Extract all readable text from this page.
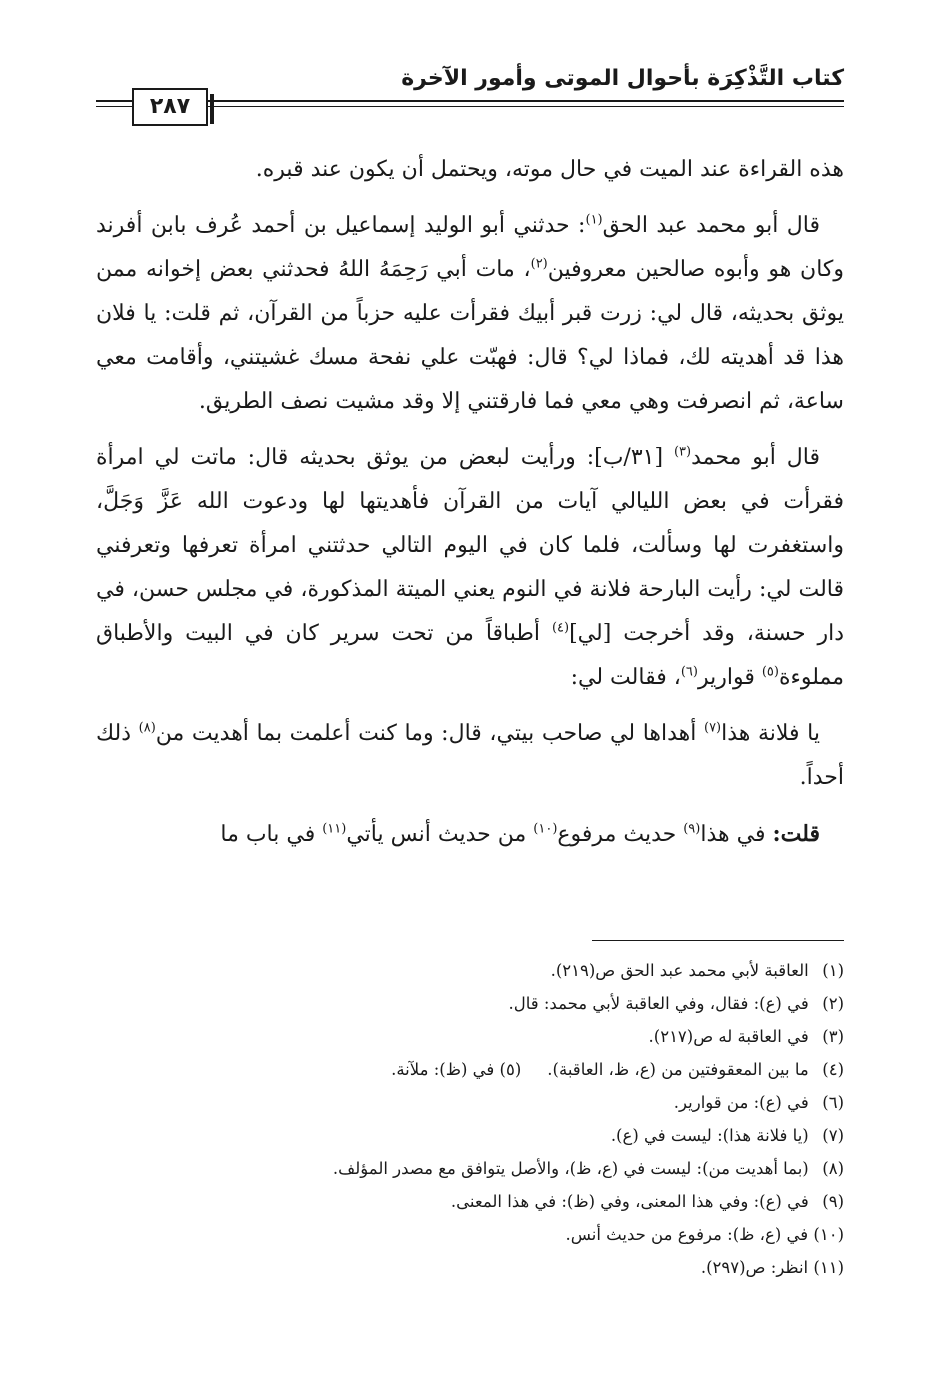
كتاب التَّذْكِرَة بأحوال الموتى وأمور الآخرة
٢٨٧

هذه القراءة عند الميت في حال موته، ويحتمل أن يكون عند قبره.

قال أبو محمد عبد الحق$^{(١)}$: حدثني أبو الوليد إسماعيل بن أحمد عُرف بابن أفرند وكان هو وأبوه صالحين معروفين$^{(٢)}$، مات أبي رَحِمَهُ اللهُ فحدثني بعض إخوانه ممن يوثق بحديثه، قال لي: زرت قبر أبيك فقرأت عليه حزباً من القرآن، ثم قلت: يا فلان هذا قد أهديته لك، فماذا لي؟ قال: فهبّت علي نفحة مسك غشيتني، وأقامت معي ساعة، ثم انصرفت وهي معي فما فارقتني إلا وقد مشيت نصف الطريق.

قال أبو محمد$^{(٣)}$ [٣١/ب]: ورأيت لبعض من يوثق بحديثه قال: ماتت لي امرأة فقرأت في بعض الليالي آيات من القرآن فأهديتها لها ودعوت الله عَزَّ وَجَلَّ، واستغفرت لها وسألت، فلما كان في اليوم التالي حدثتني امرأة تعرفها وتعرفني قالت لي: رأيت البارحة فلانة في النوم يعني الميتة المذكورة، في مجلس حسن، في دار حسنة، وقد أخرجت [لي]$^{(٤)}$ أطباقاً من تحت سرير كان في البيت والأطباق مملوءة$^{(٥)}$ قوارير$^{(٦)}$، فقالت لي:

يا فلانة هذا$^{(٧)}$ أهداها لي صاحب بيتي، قال: وما كنت أعلمت بما أهديت من$^{(٨)}$ ذلك أحداً.

قلت: في هذا$^{(٩)}$ حديث مرفوع$^{(١٠)}$ من حديث أنس يأتي$^{(١١)}$ في باب ما

(١) العاقبة لأبي محمد عبد الحق ص(٢١٩).

(٢) في (ع): فقال، وفي العاقبة لأبي محمد: قال.

(٣) في العاقبة له ص(٢١٧).

(٤) ما بين المعقوفتين من (ع، ظ، العاقبة).(٥) في (ظ): ملآنة.

(٦) في (ع): من قوارير.

(٧) (يا فلانة هذا): ليست في (ع).

(٨) (بما أهديت من): ليست في (ع، ظ)، والأصل يتوافق مع مصدر المؤلف.

(٩) في (ع): وفي هذا المعنى، وفي (ظ): في هذا المعنى.

(١٠) في (ع، ظ): مرفوع من حديث أنس.

(١١) انظر: ص(٢٩٧).
